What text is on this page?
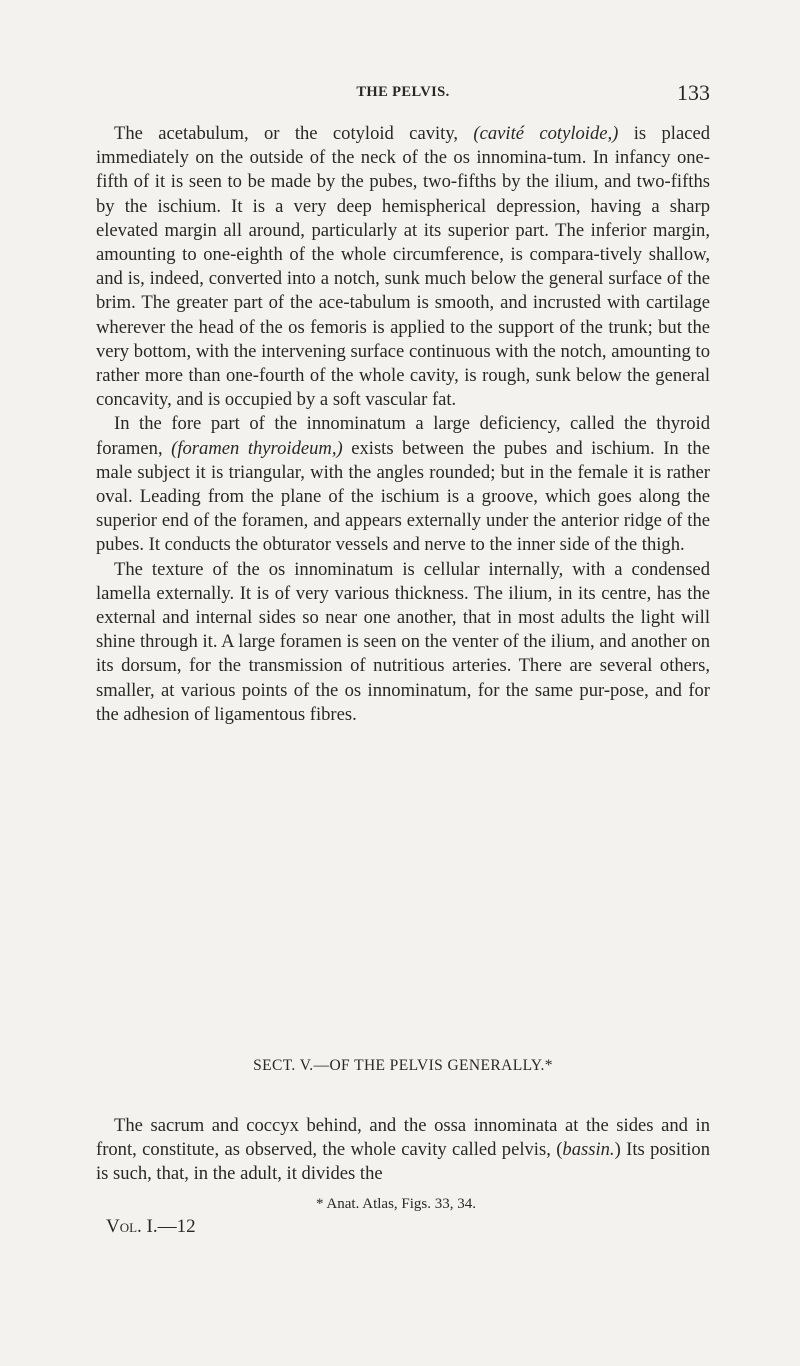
THE PELVIS.	133

The acetabulum, or the cotyloid cavity, (cavité cotyloide,) is placed immediately on the outside of the neck of the os innomina-tum. In infancy one-fifth of it is seen to be made by the pubes, two-fifths by the ilium, and two-fifths by the ischium. It is a very deep hemispherical depression, having a sharp elevated margin all around, particularly at its superior part. The inferior margin, amounting to one-eighth of the whole circumference, is compara-tively shallow, and is, indeed, converted into a notch, sunk much below the general surface of the brim. The greater part of the ace-tabulum is smooth, and incrusted with cartilage wherever the head of the os femoris is applied to the support of the trunk; but the very bottom, with the intervening surface continuous with the notch, amounting to rather more than one-fourth of the whole cavity, is rough, sunk below the general concavity, and is occupied by a soft vascular fat.

In the fore part of the innominatum a large deficiency, called the thyroid foramen, (foramen thyroideum,) exists between the pubes and ischium. In the male subject it is triangular, with the angles rounded; but in the female it is rather oval. Leading from the plane of the ischium is a groove, which goes along the superior end of the foramen, and appears externally under the anterior ridge of the pubes. It conducts the obturator vessels and nerve to the inner side of the thigh.

The texture of the os innominatum is cellular internally, with a condensed lamella externally. It is of very various thickness. The ilium, in its centre, has the external and internal sides so near one another, that in most adults the light will shine through it. A large foramen is seen on the venter of the ilium, and another on its dorsum, for the transmission of nutritious arteries. There are several others, smaller, at various points of the os innominatum, for the same pur-pose, and for the adhesion of ligamentous fibres.

SECT. V.—OF THE PELVIS GENERALLY.*

The sacrum and coccyx behind, and the ossa innominata at the sides and in front, constitute, as observed, the whole cavity called pelvis, (bassin.) Its position is such, that, in the adult, it divides the

* Anat. Atlas, Figs. 33, 34.
Vol. I.—12
